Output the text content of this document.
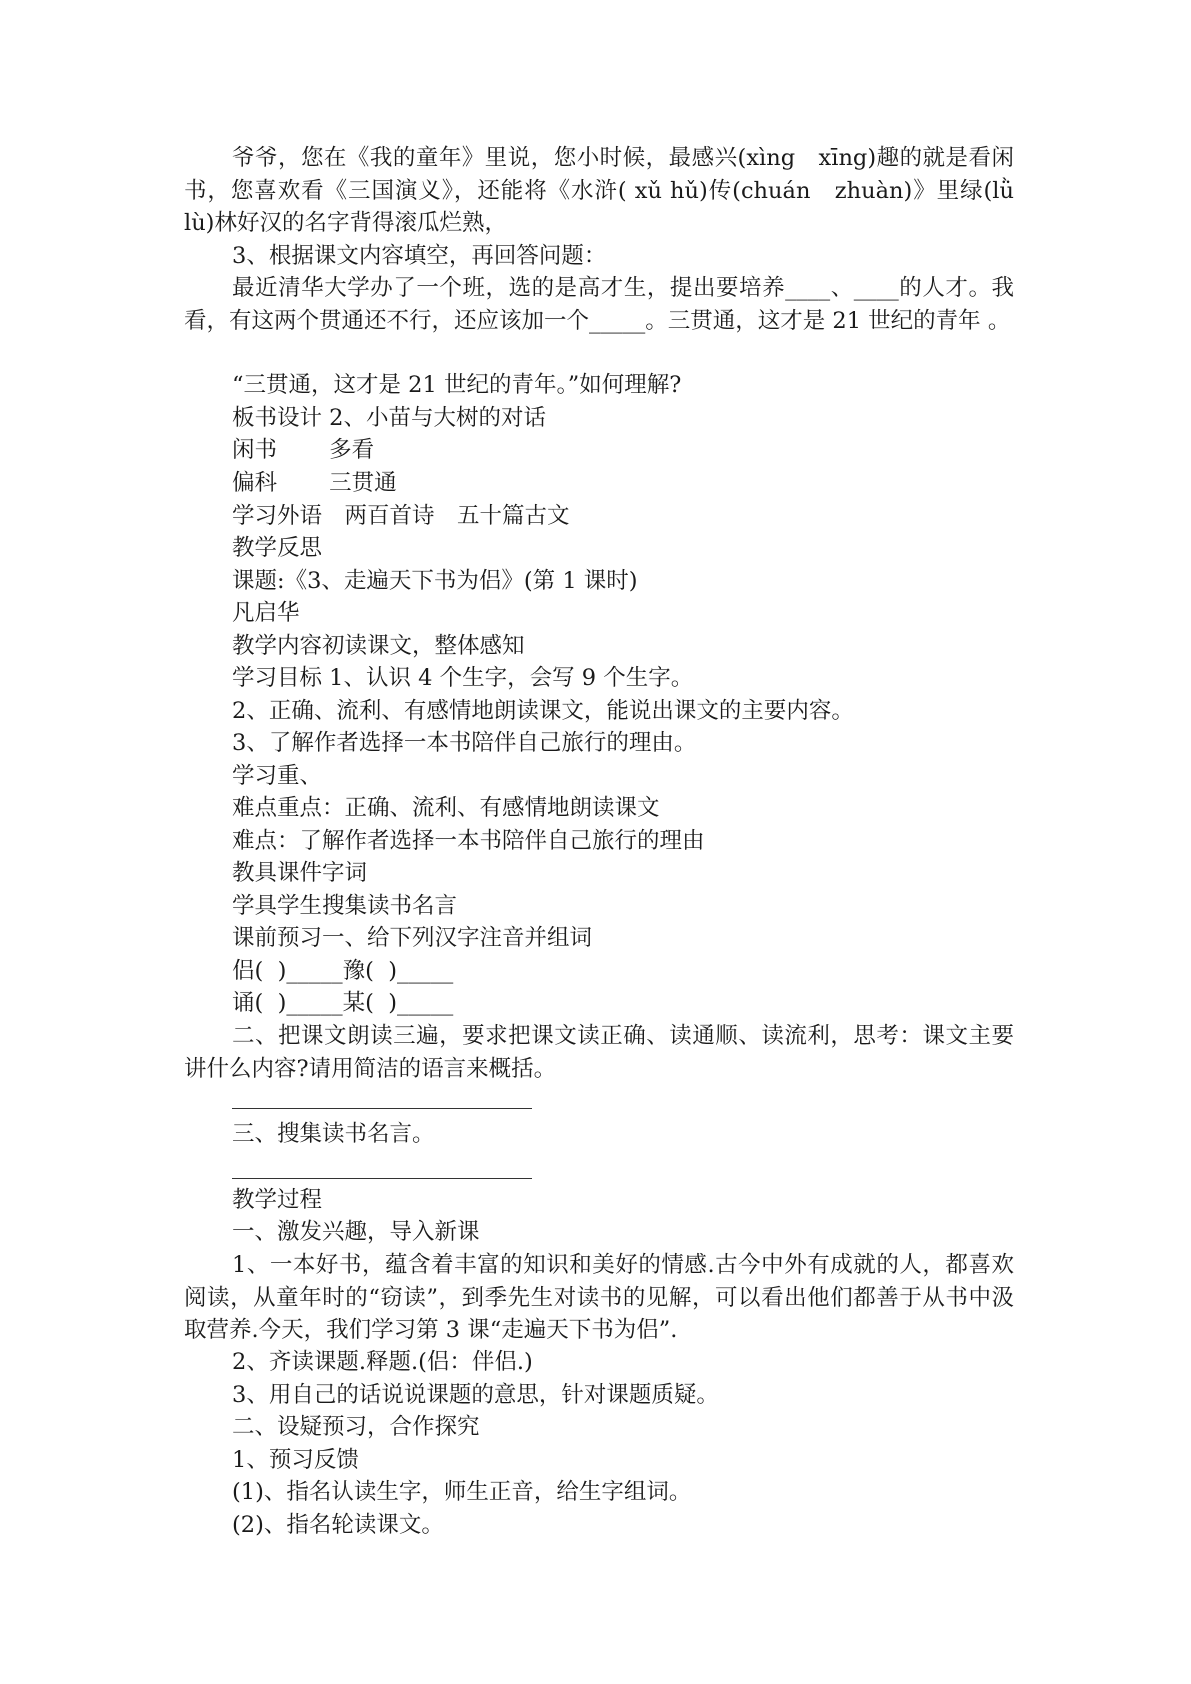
爷爷，您在《我的童年》里说，您小时候，最感兴(xìng　xīng)趣的就是看闲书，您喜欢看《三国演义》，还能将《水浒( xǔ hǔ)传(chuán　zhuàn)》里绿(lǜ　lù)林好汉的名字背得滚瓜烂熟，

3、根据课文内容填空，再回答问题：

最近清华大学办了一个班，选的是高才生，提出要培养____、____的人才。我看，有这两个贯通还不行，还应该加一个_____。三贯通，这才是 21 世纪的青年 。

“三贯通，这才是 21 世纪的青年。”如何理解?

板书设计 2、小苗与大树的对话

闲书　　 多看

偏科　　 三贯通

学习外语　两百首诗　五十篇古文

教学反思

课题:《3、走遍天下书为侣》(第 1 课时)

凡启华

教学内容初读课文，整体感知

学习目标 1、认识 4 个生字，会写 9 个生字。

2、正确、流利、有感情地朗读课文，能说出课文的主要内容。

3、了解作者选择一本书陪伴自己旅行的理由。

学习重、

难点重点：正确、流利、有感情地朗读课文

难点：了解作者选择一本书陪伴自己旅行的理由

教具课件字词

学具学生搜集读书名言

课前预习一、给下列汉字注音并组词

侣(  )_____豫(  )_____

诵(  )_____某(  )_____

二、把课文朗读三遍，要求把课文读正确、读通顺、读流利，思考：课文主要讲什么内容?请用简洁的语言来概括。

三、搜集读书名言。

教学过程

一、激发兴趣，导入新课

1、一本好书，蕴含着丰富的知识和美好的情感.古今中外有成就的人，都喜欢阅读，从童年时的“窃读”，到季先生对读书的见解，可以看出他们都善于从书中汲取营养.今天，我们学习第 3 课“走遍天下书为侣”.

2、齐读课题.释题.(侣：伴侣.)

3、用自己的话说说课题的意思，针对课题质疑。

二、设疑预习，合作探究

1、预习反馈

(1)、指名认读生字，师生正音，给生字组词。

(2)、指名轮读课文。
